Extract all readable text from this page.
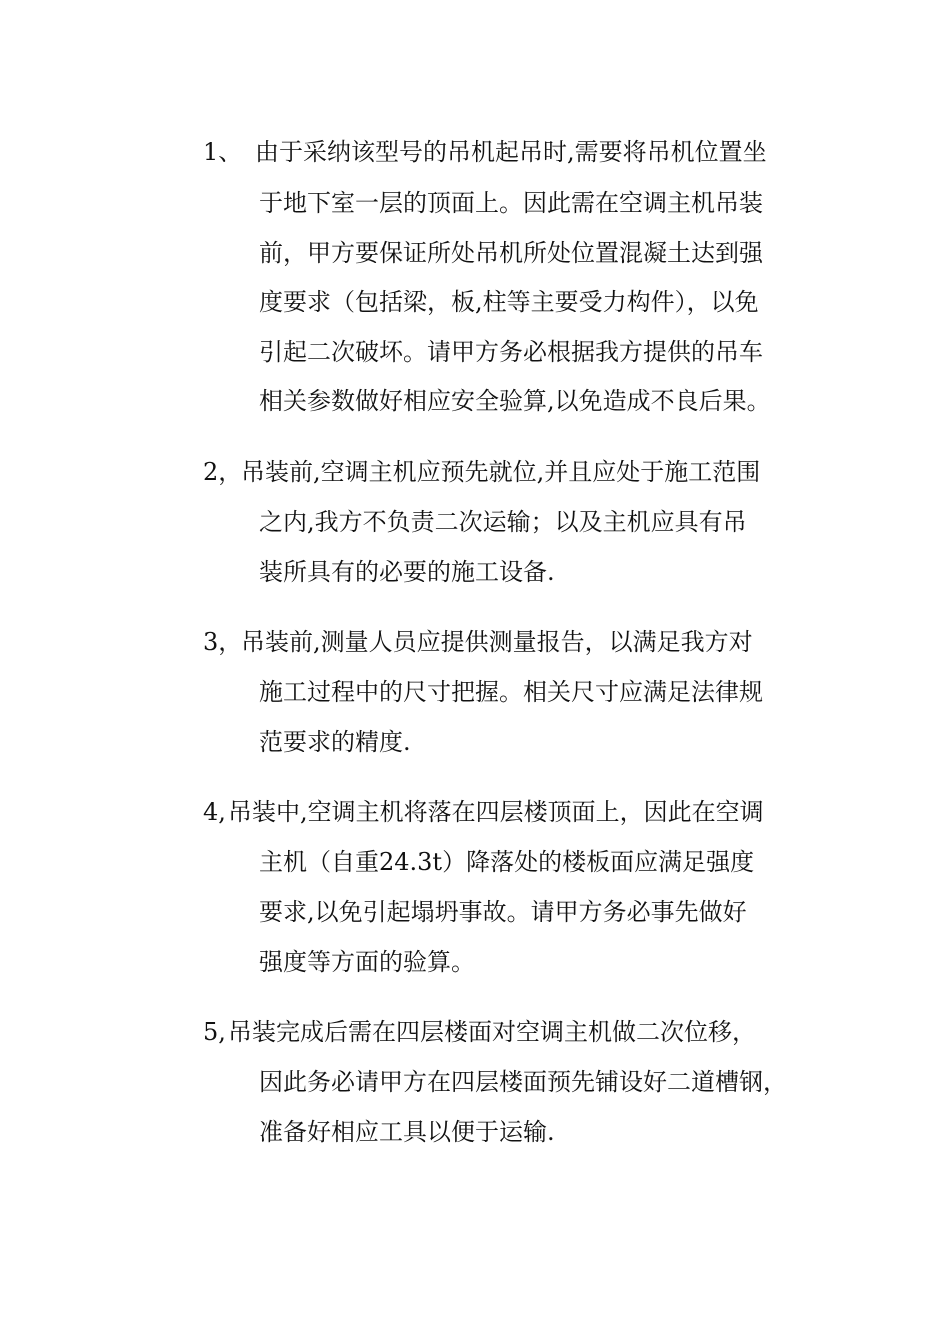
1、 由于采纳该型号的吊机起吊时,需要将吊机位置坐
于地下室一层的顶面上。因此需在空调主机吊装
前，甲方要保证所处吊机所处位置混凝土达到强
度要求（包括梁，板,柱等主要受力构件），以免
引起二次破坏。请甲方务必根据我方提供的吊车
相关参数做好相应安全验算,以免造成不良后果。
2，
吊装前,空调主机应预先就位,并且应处于施工范围
之内,我方不负责二次运输；以及主机应具有吊
装所具有的必要的施工设备.
3，
吊装前,测量人员应提供测量报告，以满足我方对
施工过程中的尺寸把握。相关尺寸应满足法律规
范要求的精度.
4, 吊装中,空调主机将落在四层楼顶面上，因此在空调
主机（自重24.3t）降落处的楼板面应满足强度
要求,以免引起塌坍事故。请甲方务必事先做好
强度等方面的验算。
5, 吊装完成后需在四层楼面对空调主机做二次位移，
因此务必请甲方在四层楼面预先铺设好二道槽钢，
准备好相应工具以便于运输.
